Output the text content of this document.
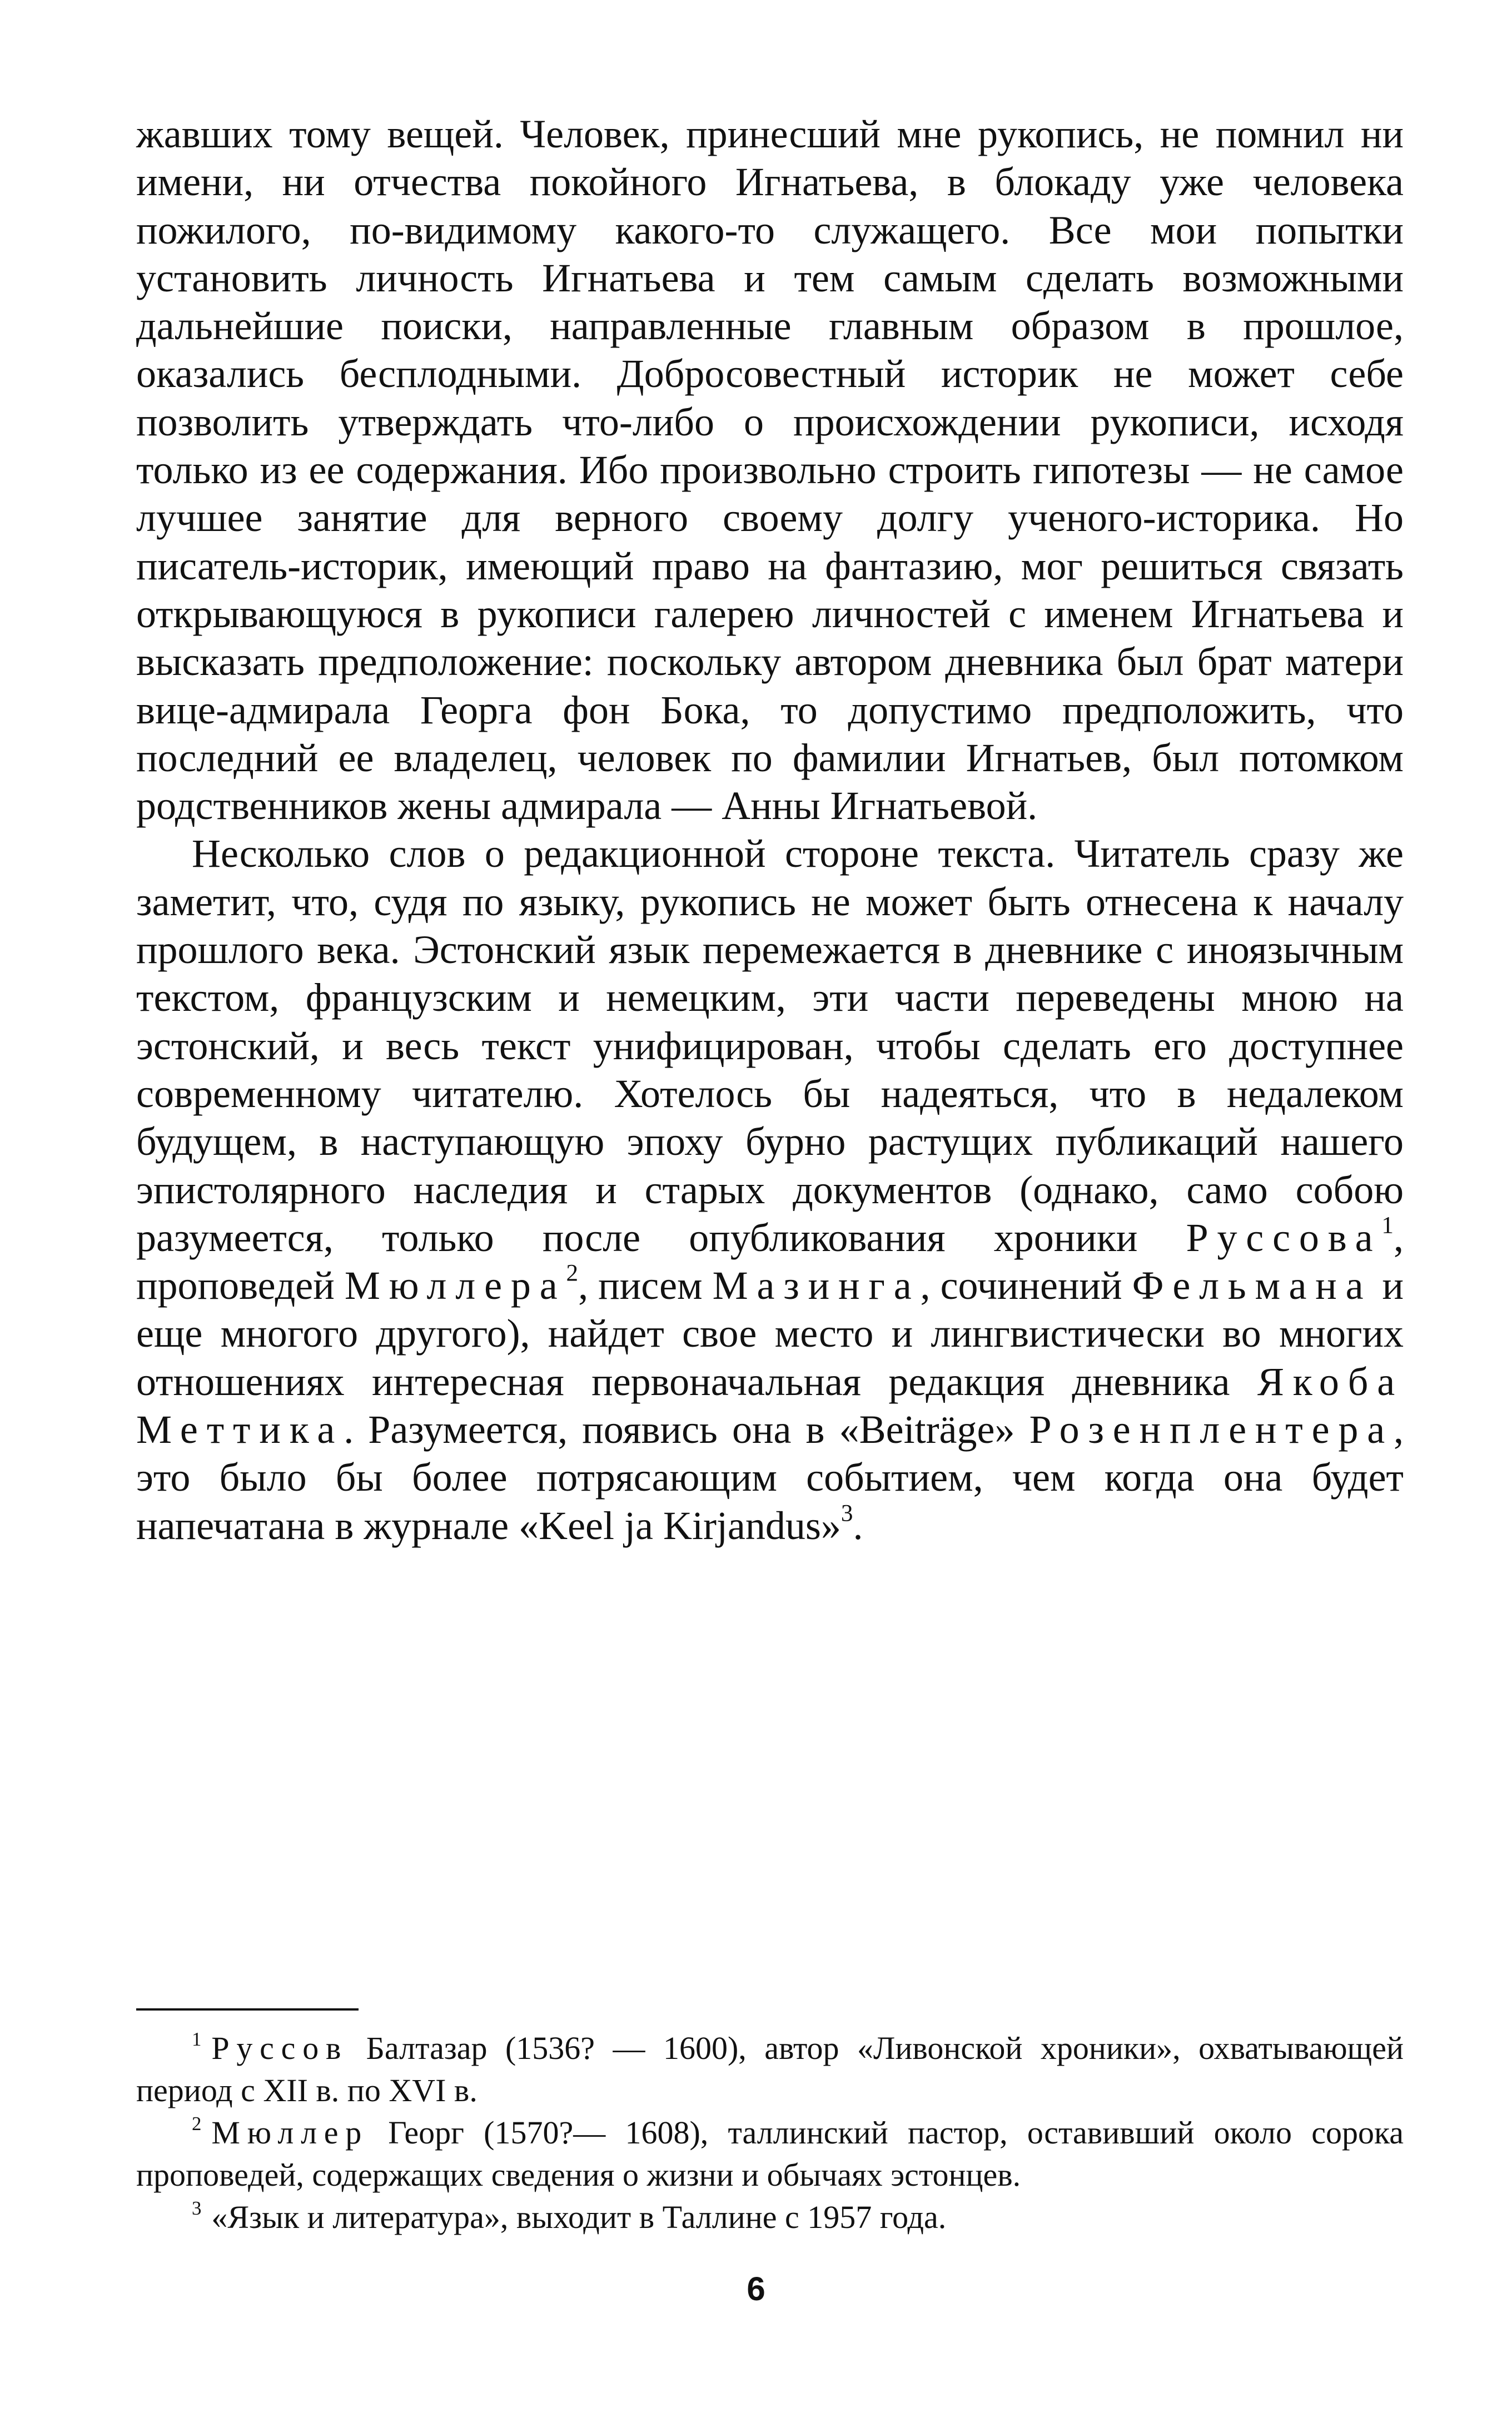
жавших тому вещей. Человек, принесший мне рукопись, не помнил ни имени, ни отчества покойного Игнатьева, в блокаду уже человека пожилого, по-видимому какого-то служащего. Все мои попытки установить личность Игнатьева и тем самым сделать возможными дальнейшие поиски, направленные главным образом в прошлое, оказались бесплодными. Добросовестный историк не может себе позволить утверждать что-либо о происхождении рукописи, исходя только из ее содержания. Ибо произвольно строить гипотезы — не самое лучшее занятие для верного своему долгу ученого-историка. Но писатель-историк, имеющий право на фантазию, мог решиться связать открывающуюся в рукописи галерею личностей с именем Игнатьева и высказать предположение: поскольку автором дневника был брат матери вице-адмирала Георга фон Бока, то допустимо предположить, что последний ее владелец, человек по фамилии Игнатьев, был потомком родственников жены адмирала — Анны Игнатьевой.

Несколько слов о редакционной стороне текста. Читатель сразу же заметит, что, судя по языку, рукопись не может быть отнесена к началу прошлого века. Эстонский язык перемежается в дневнике с иноязычным текстом, французским и немецким, эти части переведены мною на эстонский, и весь текст унифицирован, чтобы сделать его доступнее современному читателю. Хотелось бы надеяться, что в недалеком будущем, в наступающую эпоху бурно растущих публикаций нашего эпистолярного наследия и старых документов (однако, само собою разумеется, только после опубликования хроники Руссова$^1$, проповедей Мюллера$^2$, писем Мазинга, сочинений Фельмана и еще многого другого), найдет свое место и лингвистически во многих отношениях интересная первоначальная редакция дневника Якоба Меттика. Разумеется, появись она в «Beiträge» Розенплентера, это было бы более потрясающим событием, чем когда она будет напечатана в журнале «Keel ja Kirjandus»$^3$.

$^1$ Руссов Балтазар (1536? — 1600), автор «Ливонской хроники», охватывающей период с XII в. по XVI в.

$^2$ Мюллер Георг (1570?— 1608), таллинский пастор, оставивший около сорока проповедей, содержащих сведения о жизни и обычаях эстонцев.

$^3$ «Язык и литература», выходит в Таллине с 1957 года.

6
